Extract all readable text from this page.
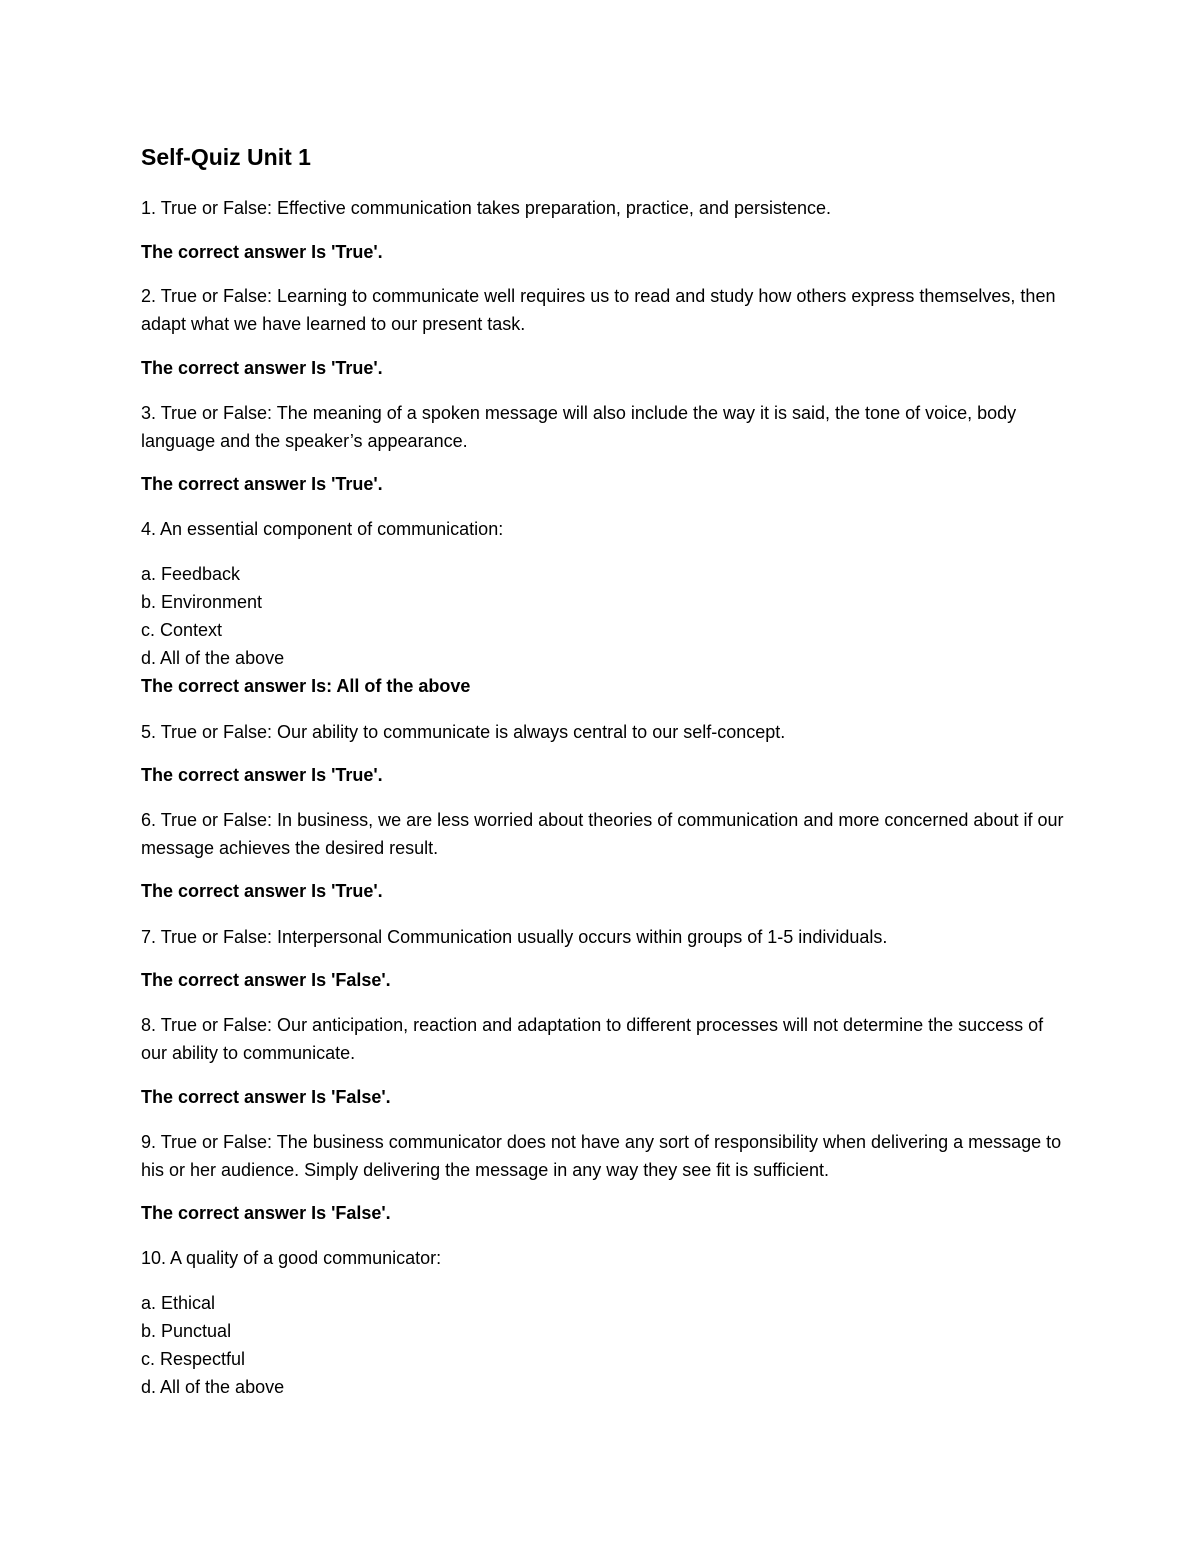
Self-Quiz Unit 1

1. True or False: Effective communication takes preparation, practice, and persistence.

The correct answer Is 'True'.

2. True or False: Learning to communicate well requires us to read and study how others express themselves, then adapt what we have learned to our present task.

The correct answer Is 'True'.

3. True or False: The meaning of a spoken message will also include the way it is said, the tone of voice, body language and the speaker’s appearance.

The correct answer Is 'True'.

4. An essential component of communication:

a. Feedback

b. Environment

c. Context

d. All of the above

The correct answer Is: All of the above

5. True or False: Our ability to communicate is always central to our self-concept.

The correct answer Is 'True'.

6. True or False: In business, we are less worried about theories of communication and more concerned about if our message achieves the desired result.

The correct answer Is 'True'.

7. True or False: Interpersonal Communication usually occurs within groups of 1-5 individuals.

The correct answer Is 'False'.

8. True or False: Our anticipation, reaction and adaptation to different processes will not determine the success of our ability to communicate.

The correct answer Is 'False'.

9. True or False: The business communicator does not have any sort of responsibility when delivering a message to his or her audience. Simply delivering the message in any way they see fit is sufficient.

The correct answer Is 'False'.

10. A quality of a good communicator:

a. Ethical

b. Punctual

c. Respectful

d. All of the above
